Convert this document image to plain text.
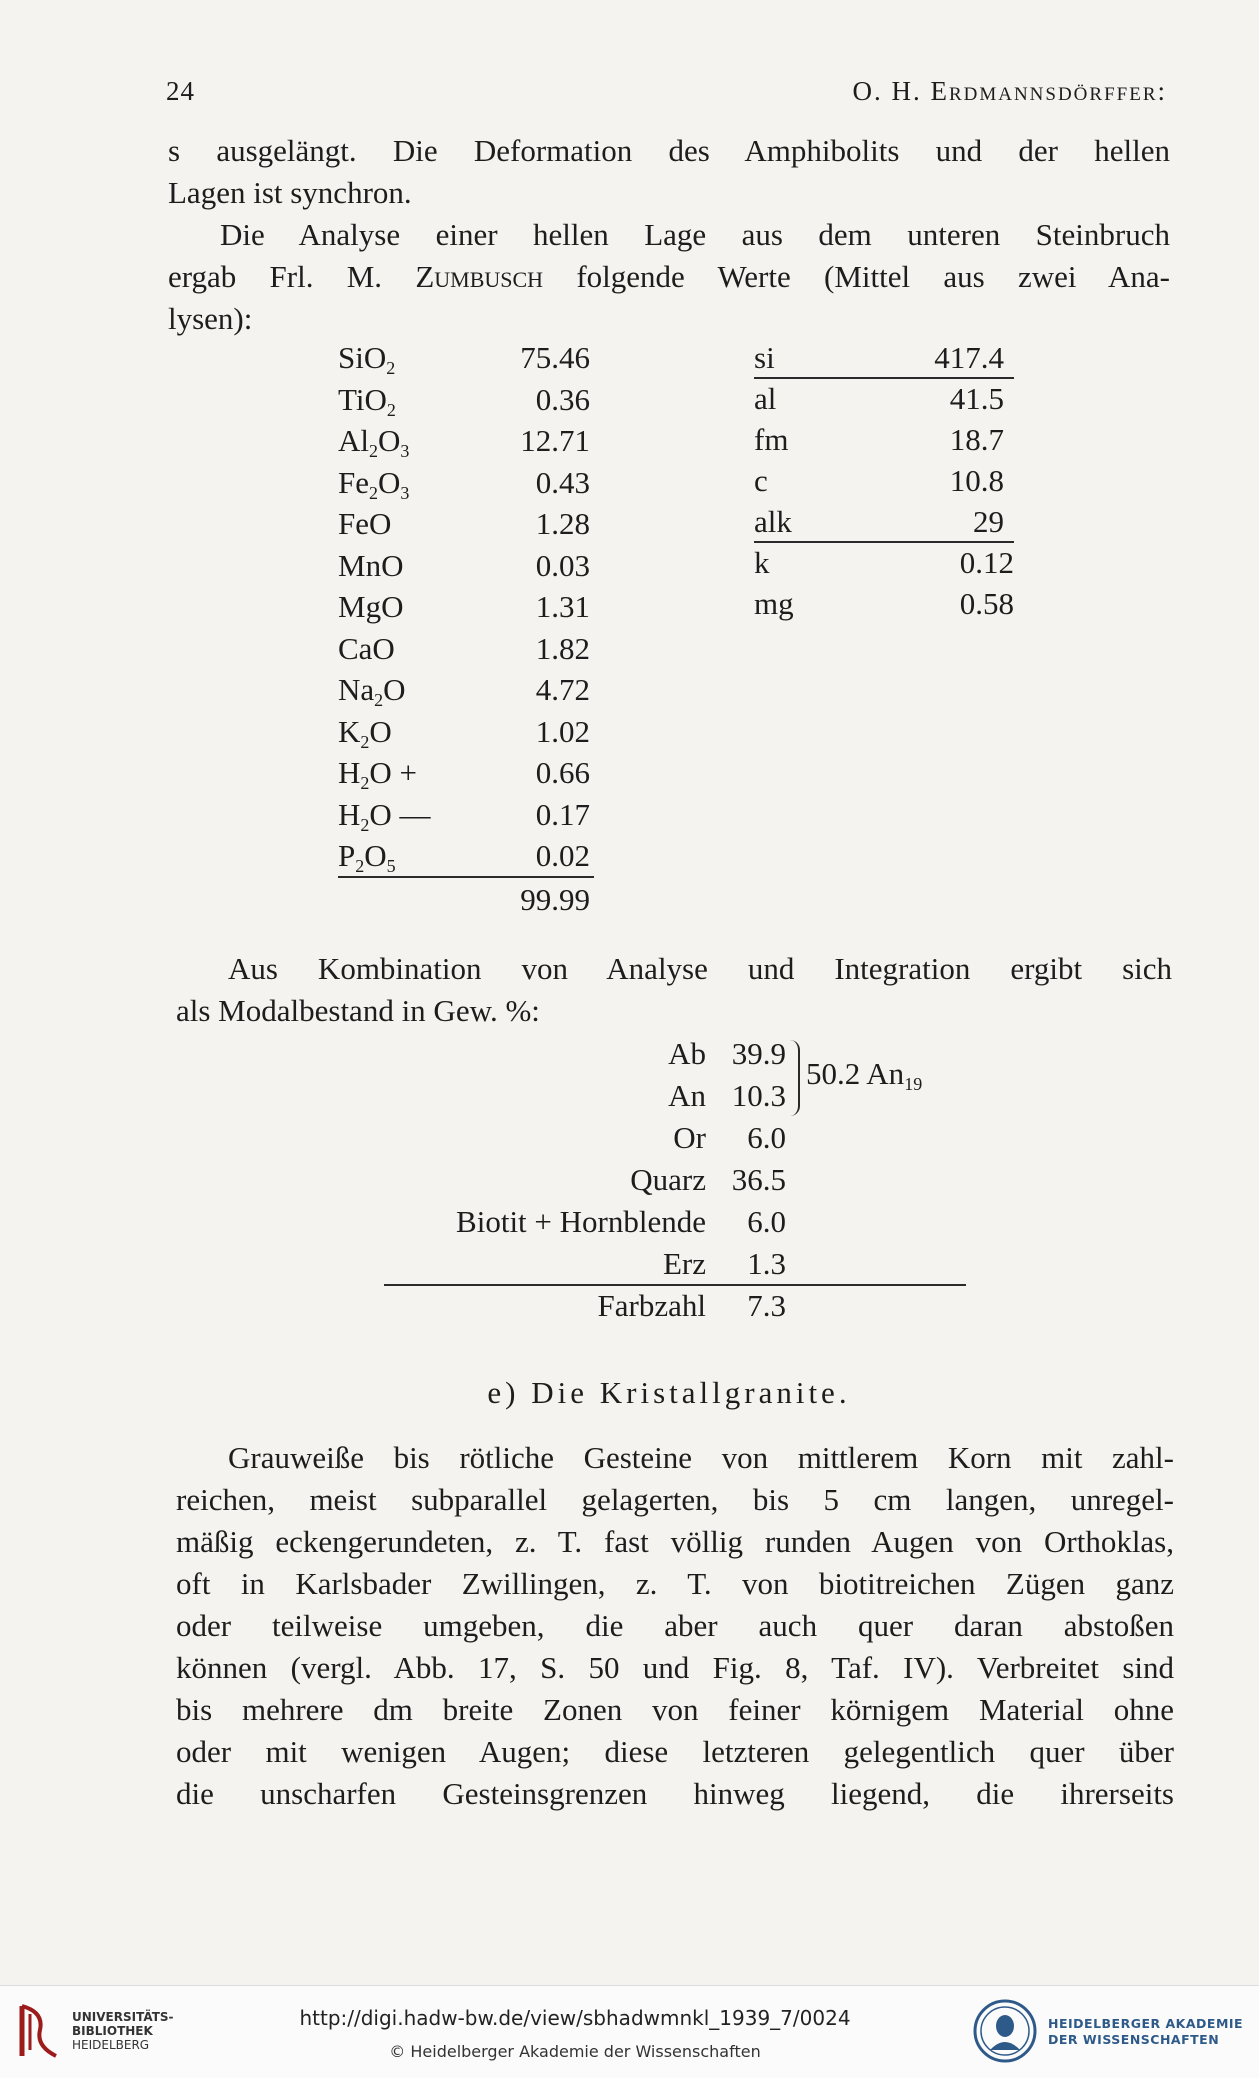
24	O. H. Erdmannsdörffer:
s ausgelängt. Die Deformation des Amphibolits und der hellen
Lagen ist synchron.
Die Analyse einer hellen Lage aus dem unteren Steinbruch
ergab Frl. M. Zumbusch folgende Werte (Mittel aus zwei Ana-
lysen):
SiO$_2$	75.46
TiO$_2$	0.36
$Al_2O_3$	12.71
$Fe_2O_3$	0.43
FeO	1.28
MnO	0.03
MgO	1.31
CaO	1.82
$Na_2O$	4.72
$K_2O$	1.02
$H_2O$ +	0.66
$H_2O$ —	0.17
$P_2O_5$	0.02
99.99
si	417.4
al	41.5
fm	18.7
c	10.8
alk	29
k	0.12
mg	0.58
Aus Kombination von Analyse und Integration ergibt sich
als Modalbestand in Gew. %:
Ab 39.9
An 10.3
Or 6.0
Quarz 36.5
Biotit + Hornblende 6.0
Erz 1.3
Farbzahl 7.3
50.2 $An_{19}$
e) Die Kristallgranite.
Grauweiße bis rötliche Gesteine von mittlerem Korn mit zahl-
reichen, meist subparallel gelagerten, bis 5 cm langen, unregel-
mäßig eckengerundeten, z. T. fast völlig runden Augen von Orthoklas,
oft in Karlsbader Zwillingen, z. T. von biotitreichen Zügen ganz
oder teilweise umgeben, die aber auch quer daran abstoßen
können (vergl. Abb. 17, S. 50 und Fig. 8, Taf. IV). Verbreitet sind
bis mehrere dm breite Zonen von feiner körnigem Material ohne
oder mit wenigen Augen; diese letzteren gelegentlich quer über
die unscharfen Gesteinsgrenzen hinweg liegend, die ihrerseits
UNIVERSITÄTS-
BIBLIOTHEK
HEIDELBERG
http://digi.hadw-bw.de/view/sbhadwmnkl_1939_7/0024
© Heidelberger Akademie der Wissenschaften
HEIDELBERGER AKADEMIE
DER WISSENSCHAFTEN
